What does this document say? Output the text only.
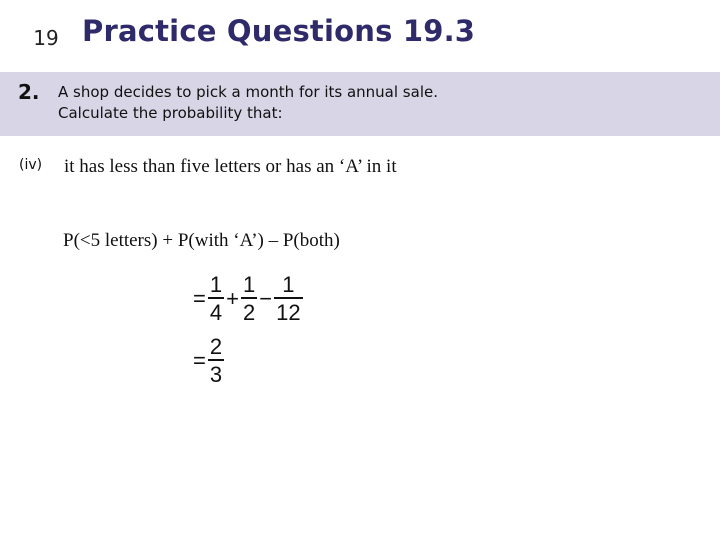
19 Practice Questions 19.3
2. A shop decides to pick a month for its annual sale.
Calculate the probability that:
(iv) it has less than five letters or has an ‘A’ in it
P(<5 letters) + P(with ‘A’) – P(both)
= $\frac{1}{4} + \frac{1}{2} - \frac{1}{12}$
= $\frac{2}{3}$
